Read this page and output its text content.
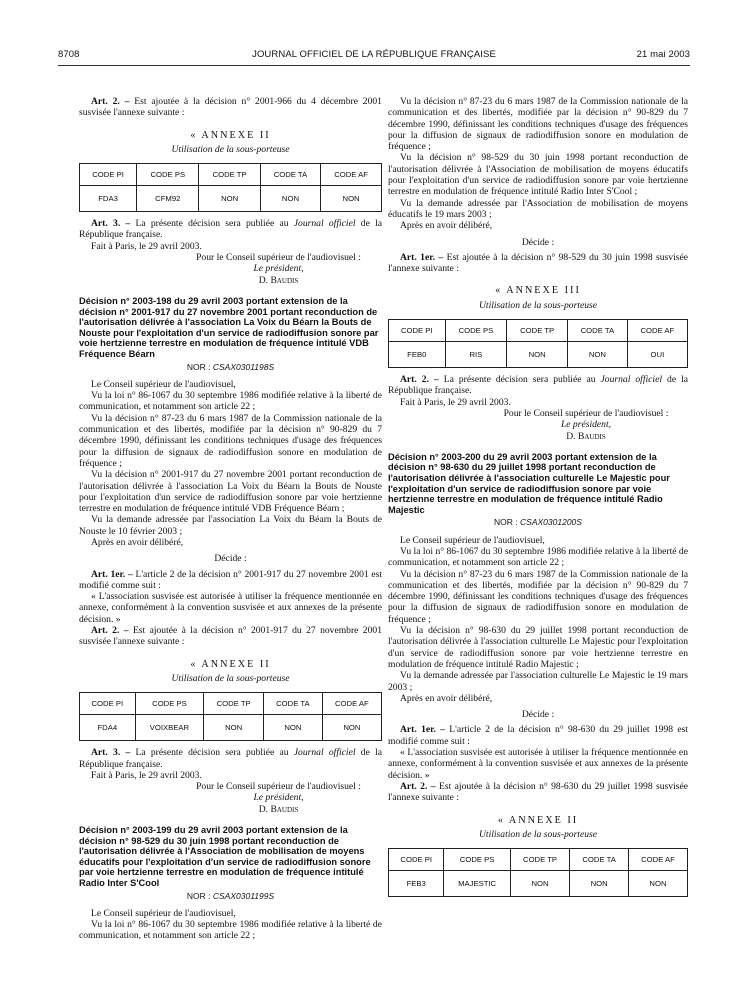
8708	JOURNAL OFFICIEL DE LA RÉPUBLIQUE FRANÇAISE	21 mai 2003

Art. 2. – Est ajoutée à la décision n° 2001-966 du 4 décembre 2001 susvisée l'annexe suivante :

« ANNEXE II
Utilisation de la sous-porteuse
CODE PI	CODE PS	CODE TP	CODE TA	CODE AF
FDA3	CFM92	NON	NON	NON

Art. 3. – La présente décision sera publiée au Journal officiel de la République française.

Fait à Paris, le 29 avril 2003.

Pour le Conseil supérieur de l'audiovisuel :
Le président,
D. Baudis
Décision n° 2003-198 du 29 avril 2003 portant extension de la décision n° 2001-917 du 27 novembre 2001 portant reconduction de l'autorisation délivrée à l'association La Voix du Béarn la Bouts de Nouste pour l'exploitation d'un service de radiodiffusion sonore par voie hertzienne terrestre en modulation de fréquence intitulé VDB Fréquence Béarn
NOR : CSAX0301198S

Le Conseil supérieur de l'audiovisuel,

Vu la loi n° 86-1067 du 30 septembre 1986 modifiée relative à la liberté de communication, et notamment son article 22 ;

Vu la décision n° 87-23 du 6 mars 1987 de la Commission nationale de la communication et des libertés, modifiée par la décision n° 90-829 du 7 décembre 1990, définissant les conditions techniques d'usage des fréquences pour la diffusion de signaux de radiodiffusion sonore en modulation de fréquence ;

Vu la décision n° 2001-917 du 27 novembre 2001 portant reconduction de l'autorisation délivrée à l'association La Voix du Béarn la Bouts de Nouste pour l'exploitation d'un service de radiodiffusion sonore par voie hertzienne terrestre en modulation de fréquence intitulé VDB Fréquence Béarn ;

Vu la demande adressée par l'association La Voix du Béarn la Bouts de Nouste le 10 février 2003 ;

Après en avoir délibéré,

Décide :

Art. 1er. – L'article 2 de la décision n° 2001-917 du 27 novembre 2001 est modifié comme suit :

« L'association susvisée est autorisée à utiliser la fréquence mentionnée en annexe, conformément à la convention susvisée et aux annexes de la présente décision. »

Art. 2. – Est ajoutée à la décision n° 2001-917 du 27 novembre 2001 susvisée l'annexe suivante :

« ANNEXE II
Utilisation de la sous-porteuse
CODE PI	CODE PS	CODE TP	CODE TA	CODE AF
FDA4	VOIXBEAR	NON	NON	NON

Art. 3. – La présente décision sera publiée au Journal officiel de la République française.

Fait à Paris, le 29 avril 2003.

Pour le Conseil supérieur de l'audiovisuel :
Le président,
D. Baudis
Décision n° 2003-199 du 29 avril 2003 portant extension de la décision n° 98-529 du 30 juin 1998 portant reconduction de l'autorisation délivrée à l'Association de mobilisation de moyens éducatifs pour l'exploitation d'un service de radiodiffusion sonore par voie hertzienne terrestre en modulation de fréquence intitulé Radio Inter S'Cool
NOR : CSAX0301199S

Le Conseil supérieur de l'audiovisuel,

Vu la loi n° 86-1067 du 30 septembre 1986 modifiée relative à la liberté de communication, et notamment son article 22 ;

Vu la décision n° 87-23 du 6 mars 1987 de la Commission nationale de la communication et des libertés, modifiée par la décision n° 90-829 du 7 décembre 1990, définissant les conditions techniques d'usage des fréquences pour la diffusion de signaux de radiodiffusion sonore en modulation de fréquence ;

Vu la décision n° 98-529 du 30 juin 1998 portant reconduction de l'autorisation délivrée à l'Association de mobilisation de moyens éducatifs pour l'exploitation d'un service de radiodiffusion sonore par voie hertzienne terrestre en modulation de fréquence intitulé Radio Inter S'Cool ;

Vu la demande adressée par l'Association de mobilisation de moyens éducatifs le 19 mars 2003 ;

Après en avoir délibéré,

Décide :

Art. 1er. – Est ajoutée à la décision n° 98-529 du 30 juin 1998 susvisée l'annexe suivante :

« ANNEXE III
Utilisation de la sous-porteuse
CODE PI	CODE PS	CODE TP	CODE TA	CODE AF
FEB0	RIS	NON	NON	OUI

Art. 2. – La présente décision sera publiée au Journal officiel de la République française.

Fait à Paris, le 29 avril 2003.

Pour le Conseil supérieur de l'audiovisuel :
Le président,
D. Baudis
Décision n° 2003-200 du 29 avril 2003 portant extension de la décision n° 98-630 du 29 juillet 1998 portant reconduction de l'autorisation délivrée à l'association culturelle Le Majestic pour l'exploitation d'un service de radiodiffusion sonore par voie hertzienne terrestre en modulation de fréquence intitulé Radio Majestic
NOR : CSAX0301200S

Le Conseil supérieur de l'audiovisuel,

Vu la loi n° 86-1067 du 30 septembre 1986 modifiée relative à la liberté de communication, et notamment son article 22 ;

Vu la décision n° 87-23 du 6 mars 1987 de la Commission nationale de la communication et des libertés, modifiée par la décision n° 90-829 du 7 décembre 1990, définissant les conditions techniques d'usage des fréquences pour la diffusion de signaux de radiodiffusion sonore en modulation de fréquence ;

Vu la décision n° 98-630 du 29 juillet 1998 portant reconduction de l'autorisation délivrée à l'association culturelle Le Majestic pour l'exploitation d'un service de radiodiffusion sonore par voie hertzienne terrestre en modulation de fréquence intitulé Radio Majestic ;

Vu la demande adressée par l'association culturelle Le Majestic le 19 mars 2003 ;

Après en avoir délibéré,

Décide :

Art. 1er. – L'article 2 de la décision n° 98-630 du 29 juillet 1998 est modifié comme suit :

« L'association susvisée est autorisée à utiliser la fréquence mentionnée en annexe, conformément à la convention susvisée et aux annexes de la présente décision. »

Art. 2. – Est ajoutée à la décision n° 98-630 du 29 juillet 1998 susvisée l'annexe suivante :

« ANNEXE II
Utilisation de la sous-porteuse
CODE PI	CODE PS	CODE TP	CODE TA	CODE AF
FEB3	MAJESTIC	NON	NON	NON
